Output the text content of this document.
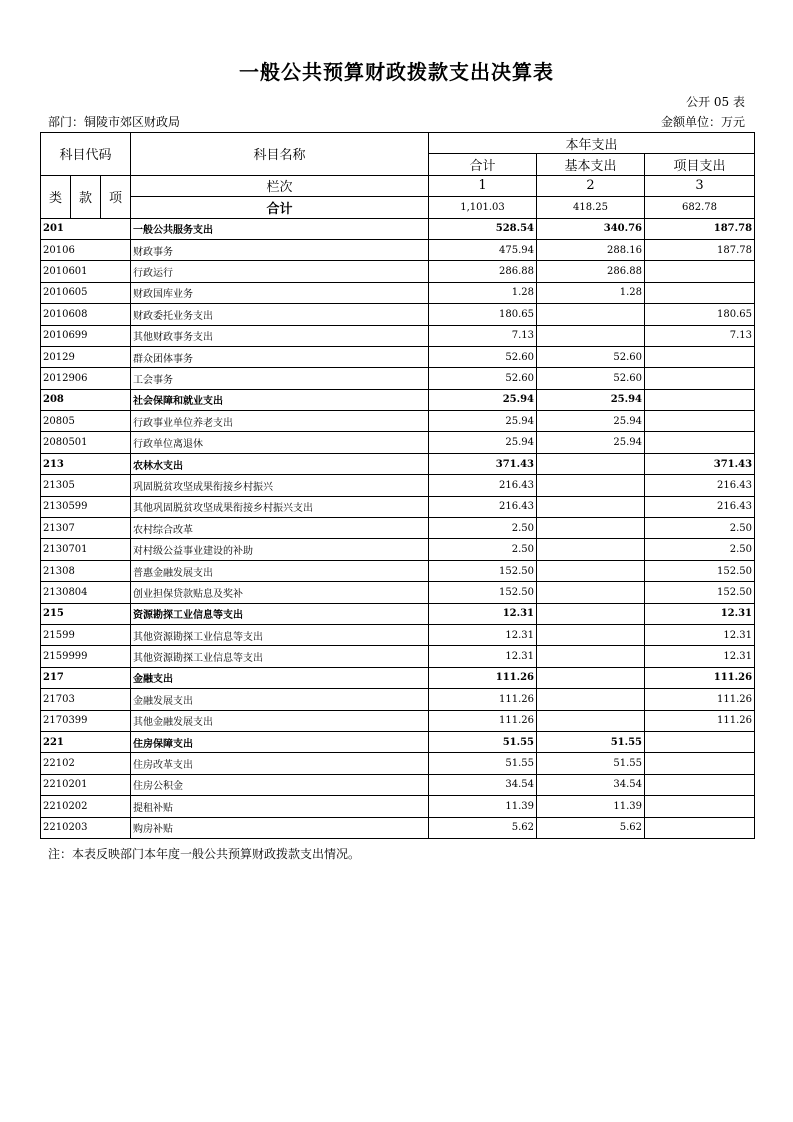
一般公共预算财政拨款支出决算表
公开 05 表
部门：铜陵市郊区财政局	金额单位：万元
科目代码			科目名称	本年支出		
				合计	基本支出	项目支出
类	款	项	栏次	1	2	3
			合计	1,101.03	418.25	682.78
201			一般公共服务支出	528.54	340.76	187.78
20106			财政事务	475.94	288.16	187.78
2010601			行政运行	286.88	286.88	
2010605			财政国库业务	1.28	1.28	
2010608			财政委托业务支出	180.65		180.65
2010699			其他财政事务支出	7.13		7.13
20129			群众团体事务	52.60	52.60	
2012906			工会事务	52.60	52.60	
208			社会保障和就业支出	25.94	25.94	
20805			行政事业单位养老支出	25.94	25.94	
2080501			行政单位离退休	25.94	25.94	
213			农林水支出	371.43		371.43
21305			巩固脱贫攻坚成果衔接乡村振兴	216.43		216.43
2130599			其他巩固脱贫攻坚成果衔接乡村振兴支出	216.43		216.43
21307			农村综合改革	2.50		2.50
2130701			对村级公益事业建设的补助	2.50		2.50
21308			普惠金融发展支出	152.50		152.50
2130804			创业担保贷款贴息及奖补	152.50		152.50
215			资源勘探工业信息等支出	12.31		12.31
21599			其他资源勘探工业信息等支出	12.31		12.31
2159999			其他资源勘探工业信息等支出	12.31		12.31
217			金融支出	111.26		111.26
21703			金融发展支出	111.26		111.26
2170399			其他金融发展支出	111.26		111.26
221			住房保障支出	51.55	51.55	
22102			住房改革支出	51.55	51.55	
2210201			住房公积金	34.54	34.54	
2210202			提租补贴	11.39	11.39	
2210203			购房补贴	5.62	5.62	
注：本表反映部门本年度一般公共预算财政拨款支出情况。
